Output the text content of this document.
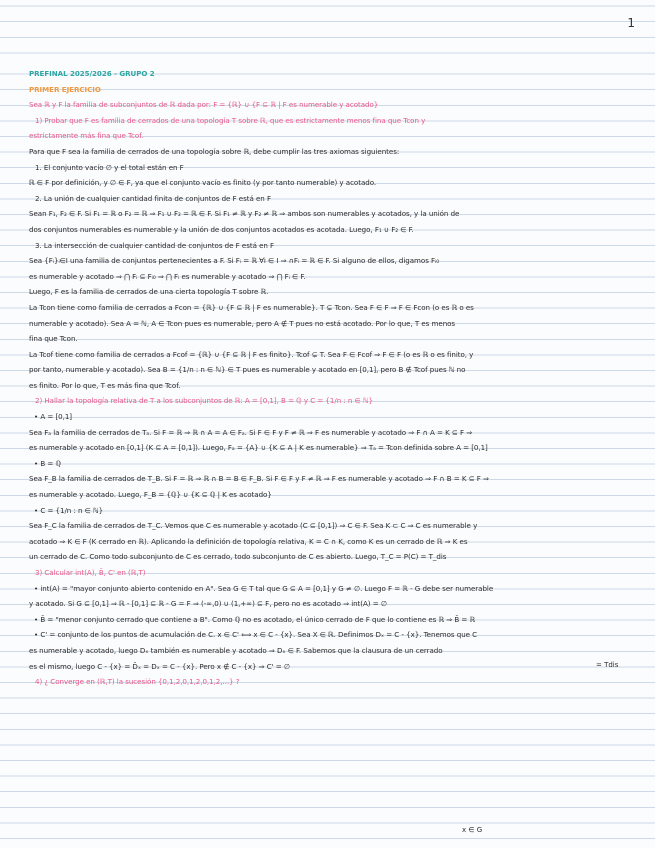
1
PREFINAL 2025/2026 - GRUPO 2
PRIMER EJERCICIO
Sea ℝ y F la familia de subconjuntos de ℝ dada por: F = {ℝ} ∪ {F ⊆ ℝ | F es numerable y acotado}
1) Probar que F es familia de cerrados de una topología T sobre ℝ, que es estrictamente menos fina que Tcon y
estrictamente más fina que Tcof.
Para que F sea la familia de cerrados de una topología sobre ℝ, debe cumplir las tres axiomas siguientes:
1. El conjunto vacío ∅ y el total están en F
ℝ ∈ F por definición, y ∅ ∈ F, ya que el conjunto vacío es finito (y por tanto numerable) y acotado.
2. La unión de cualquier cantidad finita de conjuntos de F está en F
Sean F₁, F₂ ∈ F. Si F₁ = ℝ o F₂ = ℝ ⇒ F₁ ∪ F₂ = ℝ ∈ F. Si F₁ ≠ ℝ y F₂ ≠ ℝ ⇒ ambos son numerables y acotados, y la unión de
dos conjuntos numerables es numerable y la unión de dos conjuntos acotados es acotada. Luego, F₁ ∪ F₂ ∈ F.
3. La intersección de cualquier cantidad de conjuntos de F está en F
Sea {Fᵢ}ᵢ∈I una familia de conjuntos pertenecientes a F. Si Fᵢ = ℝ ∀i ∈ I ⇒ ∩Fᵢ = ℝ ∈ F. Si alguno de ellos, digamos Fᵢ₀
es numerable y acotado ⇒ ⋂ Fᵢ ⊆ Fᵢ₀ ⇒ ⋂ Fᵢ es numerable y acotado ⇒ ⋂ Fᵢ ∈ F.
Luego, F es la familia de cerrados de una cierta topología T sobre ℝ.
La Tcon tiene como familia de cerrados a Fcon = {ℝ} ∪ {F ⊆ ℝ | F es numerable}. T ⊊ Tcon. Sea F ∈ F ⇒ F ∈ Fcon (o es ℝ o es
numerable y acotado). Sea A = ℕ, A ∈ Tcon pues es numerable, pero A ∉ T pues no está acotado. Por lo que, T es menos
fina que Tcon.
La Tcof tiene como familia de cerrados a Fcof = {ℝ} ∪ {F ⊆ ℝ | F es finito}. Tcof ⊊ T. Sea F ∈ Fcof ⇒ F ∈ F (o es ℝ o es finito, y
por tanto, numerable y acotado). Sea B = {1/n : n ∈ ℕ} ∈ T pues es numerable y acotado en [0,1], pero B ∉ Tcof pues ℕ no
es finito. Por lo que, T es más fina que Tcof.
2) Hallar la topología relativa de T a los subconjuntos de ℝ: A = [0,1], B = ℚ y C = {1/n : n ∈ ℕ}
• A = [0,1]
Sea Fₐ la familia de cerrados de Tₐ. Si F = ℝ ⇒ ℝ ∩ A = A ∈ Fₐ. Si F ∈ F y F ≠ ℝ ⇒ F es numerable y acotado ⇒ F ∩ A = K ⊆ F ⇒
es numerable y acotado en [0,1] (K ⊆ A = [0,1]). Luego, Fₐ = {A} ∪ {K ⊆ A | K es numerable} ⇒ Tₐ = Tcon definida sobre A = [0,1]
• B = ℚ
Sea F_B la familia de cerrados de T_B. Si F = ℝ ⇒ ℝ ∩ B = B ∈ F_B. Si F ∈ F y F ≠ ℝ ⇒ F es numerable y acotado ⇒ F ∩ B = K ⊆ F ⇒
es numerable y acotado. Luego, F_B = {ℚ} ∪ {K ⊆ ℚ | K es acotado}
• C = {1/n : n ∈ ℕ}
Sea F_C la familia de cerrados de T_C. Vemos que C es numerable y acotado (C ⊆ [0,1]) ⇒ C ∈ F. Sea K ⊂ C ⇒ C es numerable y
acotado ⇒ K ∈ F (K cerrado en ℝ). Aplicando la definición de topología relativa, K = C ∩ K, como K es un cerrado de ℝ ⇒ K es
un cerrado de C. Como todo subconjunto de C es cerrado, todo subconjunto de C es abierto. Luego, T_C = P(C) = T_dis
3) Calcular int(A), B̄, C' en (ℝ,T)
• int(A) = "mayor conjunto abierto contenido en A". Sea G ∈ T tal que G ⊆ A = [0,1] y G ≠ ∅. Luego F = ℝ - G debe ser numerable
y acotado. Si G ⊆ [0,1] ⇒ ℝ - [0,1] ⊆ ℝ - G = F ⇒ (-∞,0) ∪ (1,+∞) ⊆ F, pero no es acotado ⇒ int(A) = ∅
• B̄ = "menor conjunto cerrado que contiene a B". Como ℚ no es acotado, el único cerrado de F que lo contiene es ℝ ⇒ B̄ = ℝ
• C' = conjunto de los puntos de acumulación de C. x ∈ C' ⟺ x ∈ C - {x}. Sea X ∈ ℝ. Definimos Dₓ = C - {x}. Tenemos que C
es numerable y acotado, luego Dₓ también es numerable y acotado ⇒ Dₓ ∈ F. Sabemos que la clausura de un cerrado
es el mismo, luego C - {x} = D̄ₓ = Dₓ = C - {x}. Pero x ∉ C - {x} ⇒ C' = ∅
4) ¿ Converge en (ℝ,T) la sucesión {0,1,2,0,1,2,0,1,2,...} ?
= Tdis
x ∈ G
